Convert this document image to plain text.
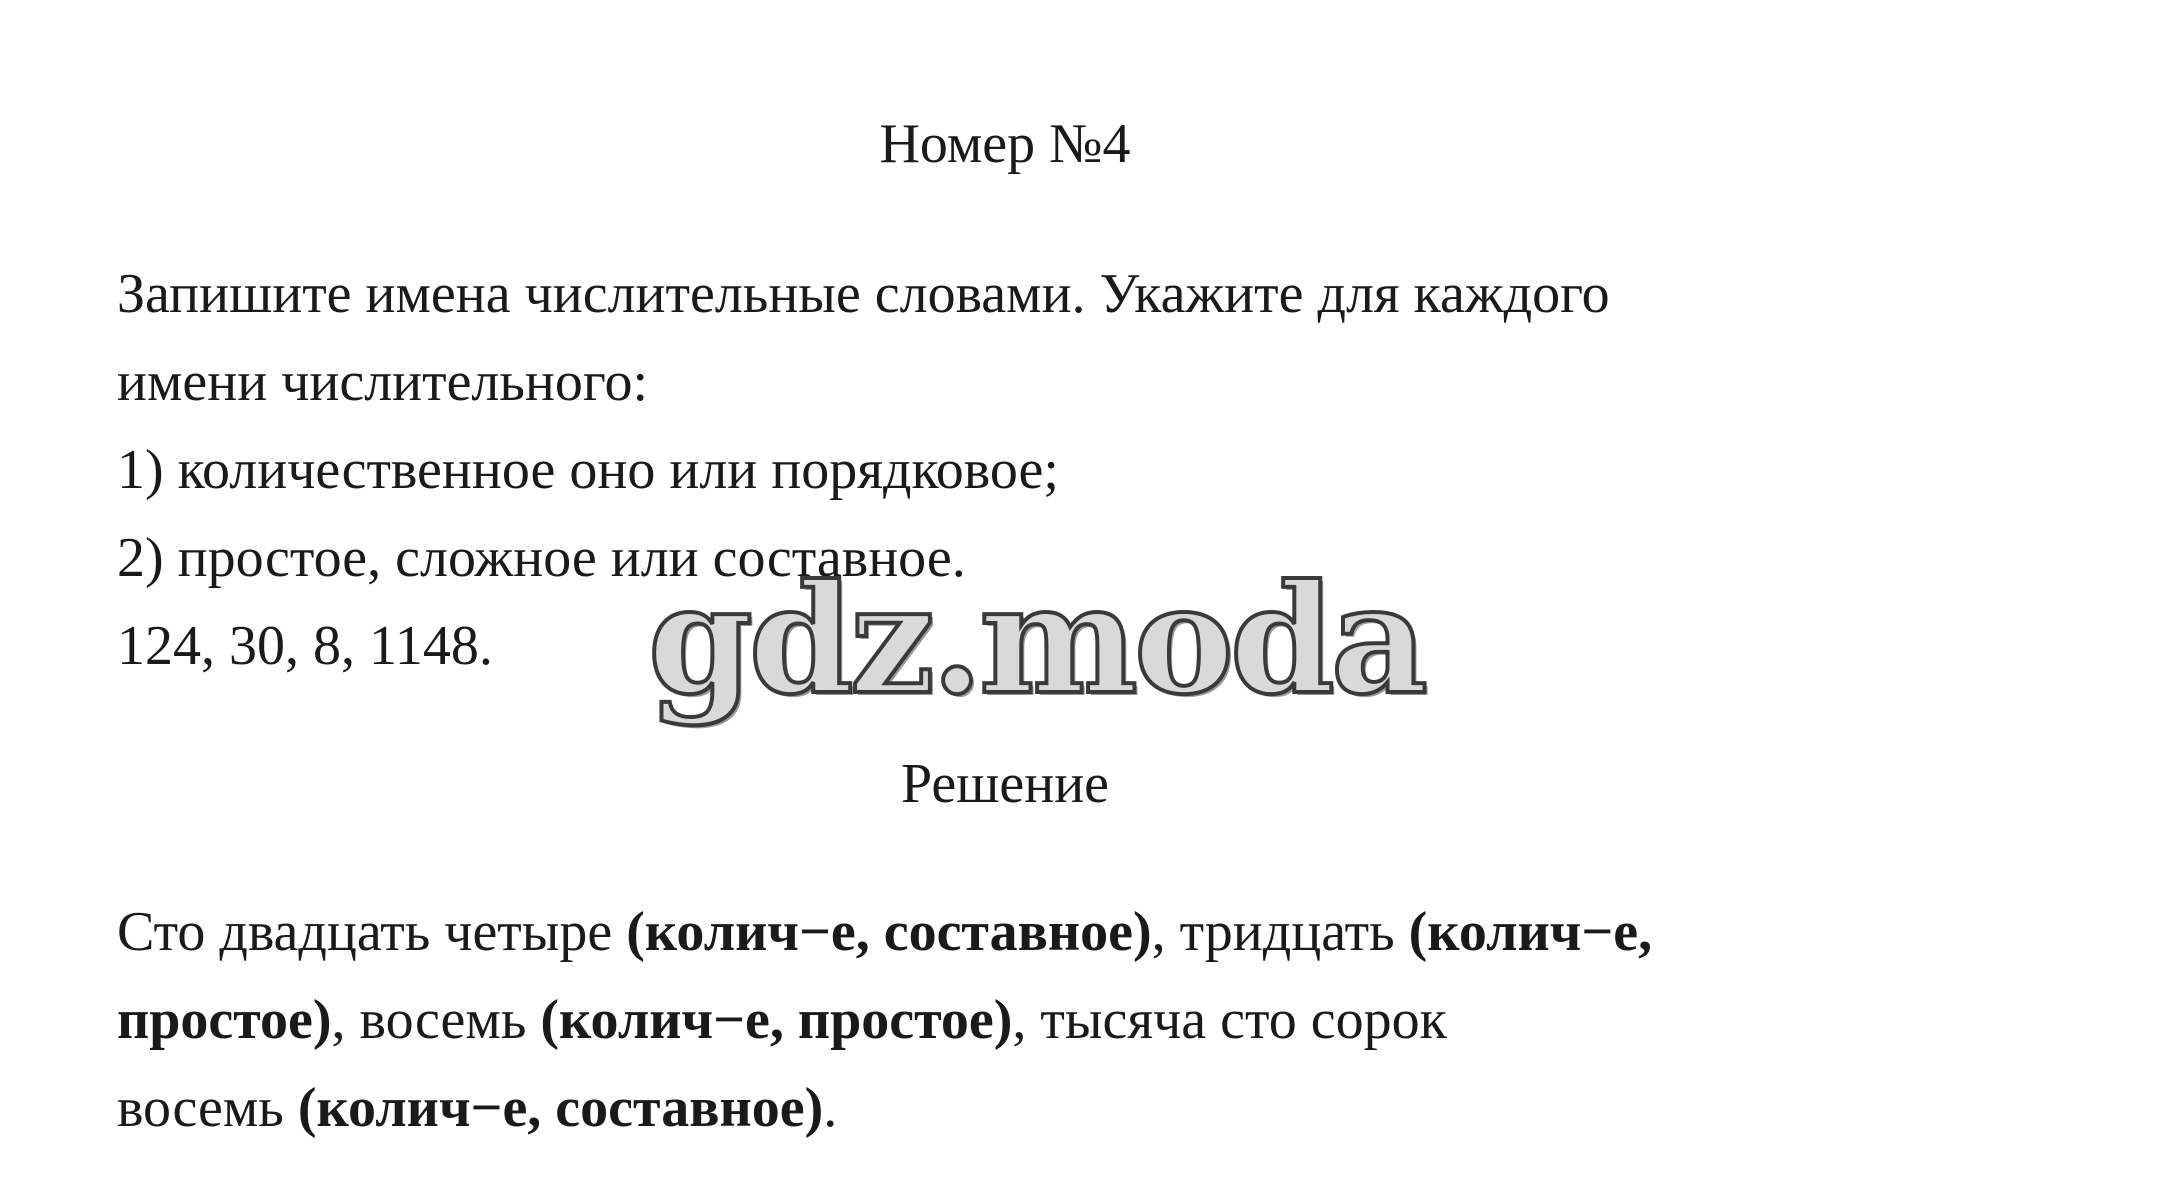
Номер №4

Запишите имена числительные словами. Укажите для каждого

имени числительного:

1) количественное оно или порядковое;

2) простое, сложное или составное.

124, 30, 8, 1148.	gdz.moda
Решение

Сто двадцать четыре (колич−е, составное), тридцать (колич−е,

простое), восемь (колич−е, простое), тысяча сто сорок

восемь (колич−е, составное).
